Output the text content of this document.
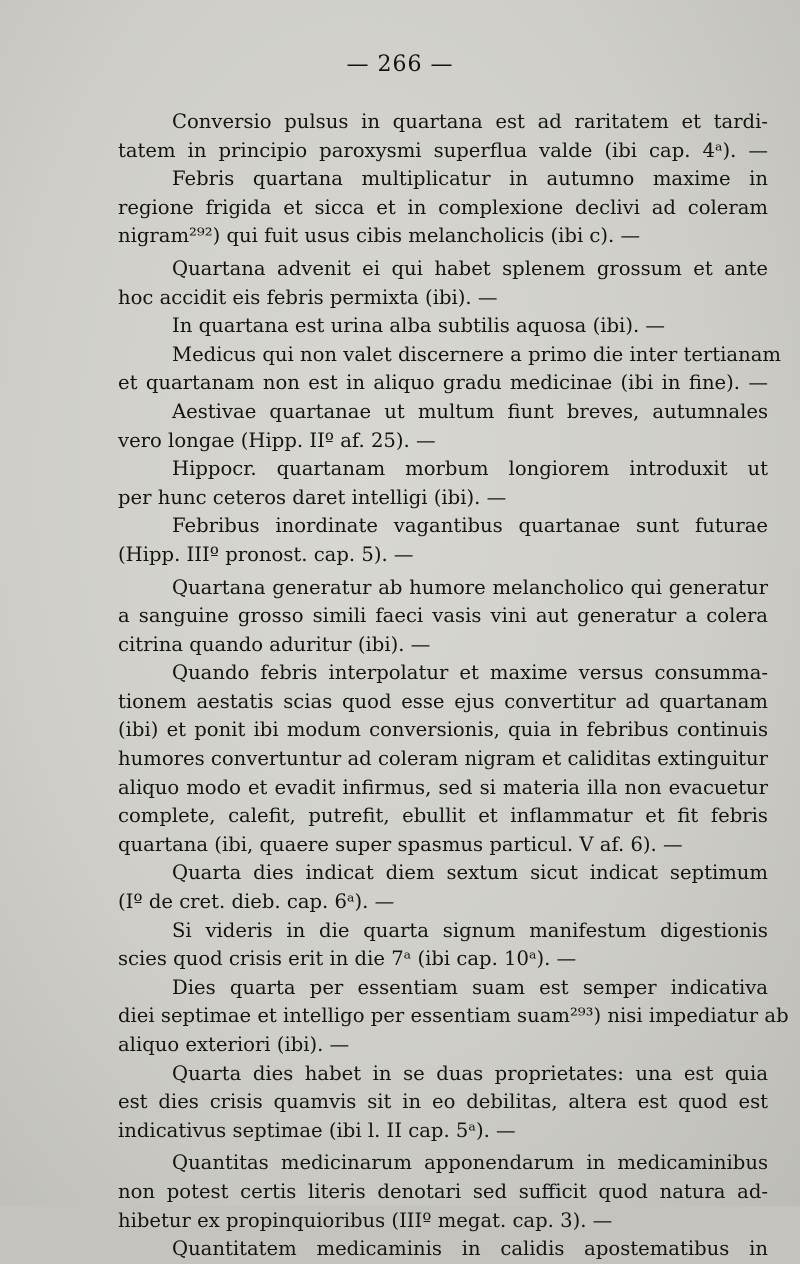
— 266 —
Conversio pulsus in quartana est ad raritatem et tardi-
tatem in principio paroxysmi superflua valde (ibi cap. 4ᵃ). —
Febris quartana multiplicatur in autumno maxime in
regione frigida et sicca et in complexione declivi ad coleram
nigram²⁹²) qui fuit usus cibis melancholicis (ibi c). —
Quartana advenit ei qui habet splenem grossum et ante
hoc accidit eis febris permixta (ibi). —
In quartana est urina alba subtilis aquosa (ibi). —
Medicus qui non valet discernere a primo die inter tertianam
et quartanam non est in aliquo gradu medicinae (ibi in fine). —
Aestivae quartanae ut multum fiunt breves, autumnales
vero longae (Hipp. IIº af. 25). —
Hippocr. quartanam morbum longiorem introduxit ut
per hunc ceteros daret intelligi (ibi). —
Febribus inordinate vagantibus quartanae sunt futurae
(Hipp. IIIº pronost. cap. 5). —
Quartana generatur ab humore melancholico qui generatur
a sanguine grosso simili faeci vasis vini aut generatur a colera
citrina quando aduritur (ibi). —
Quando febris interpolatur et maxime versus consumma-
tionem aestatis scias quod esse ejus convertitur ad quartanam
(ibi) et ponit ibi modum conversionis, quia in febribus continuis
humores convertuntur ad coleram nigram et caliditas extinguitur
aliquo modo et evadit infirmus, sed si materia illa non evacuetur
complete, calefit, putrefit, ebullit et inflammatur et fit febris
quartana (ibi, quaere super spasmus particul. V af. 6). —
Quarta dies indicat diem sextum sicut indicat septimum
(Iº de cret. dieb. cap. 6ᵃ). —
Si videris in die quarta signum manifestum digestionis
scies quod crisis erit in die 7ᵃ (ibi cap. 10ᵃ). —
Dies quarta per essentiam suam est semper indicativa
diei septimae et intelligo per essentiam suam²⁹³) nisi impediatur ab
aliquo exteriori (ibi). —
Quarta dies habet in se duas proprietates: una est quia
est dies crisis quamvis sit in eo debilitas, altera est quod est
indicativus septimae (ibi l. II cap. 5ᵃ). —
Quantitas medicinarum apponendarum in medicaminibus
non potest certis literis denotari sed sufficit quod natura ad-
hibetur ex propinquioribus (IIIº megat. cap. 3). —
Quantitatem medicaminis in calidis apostematibus in
